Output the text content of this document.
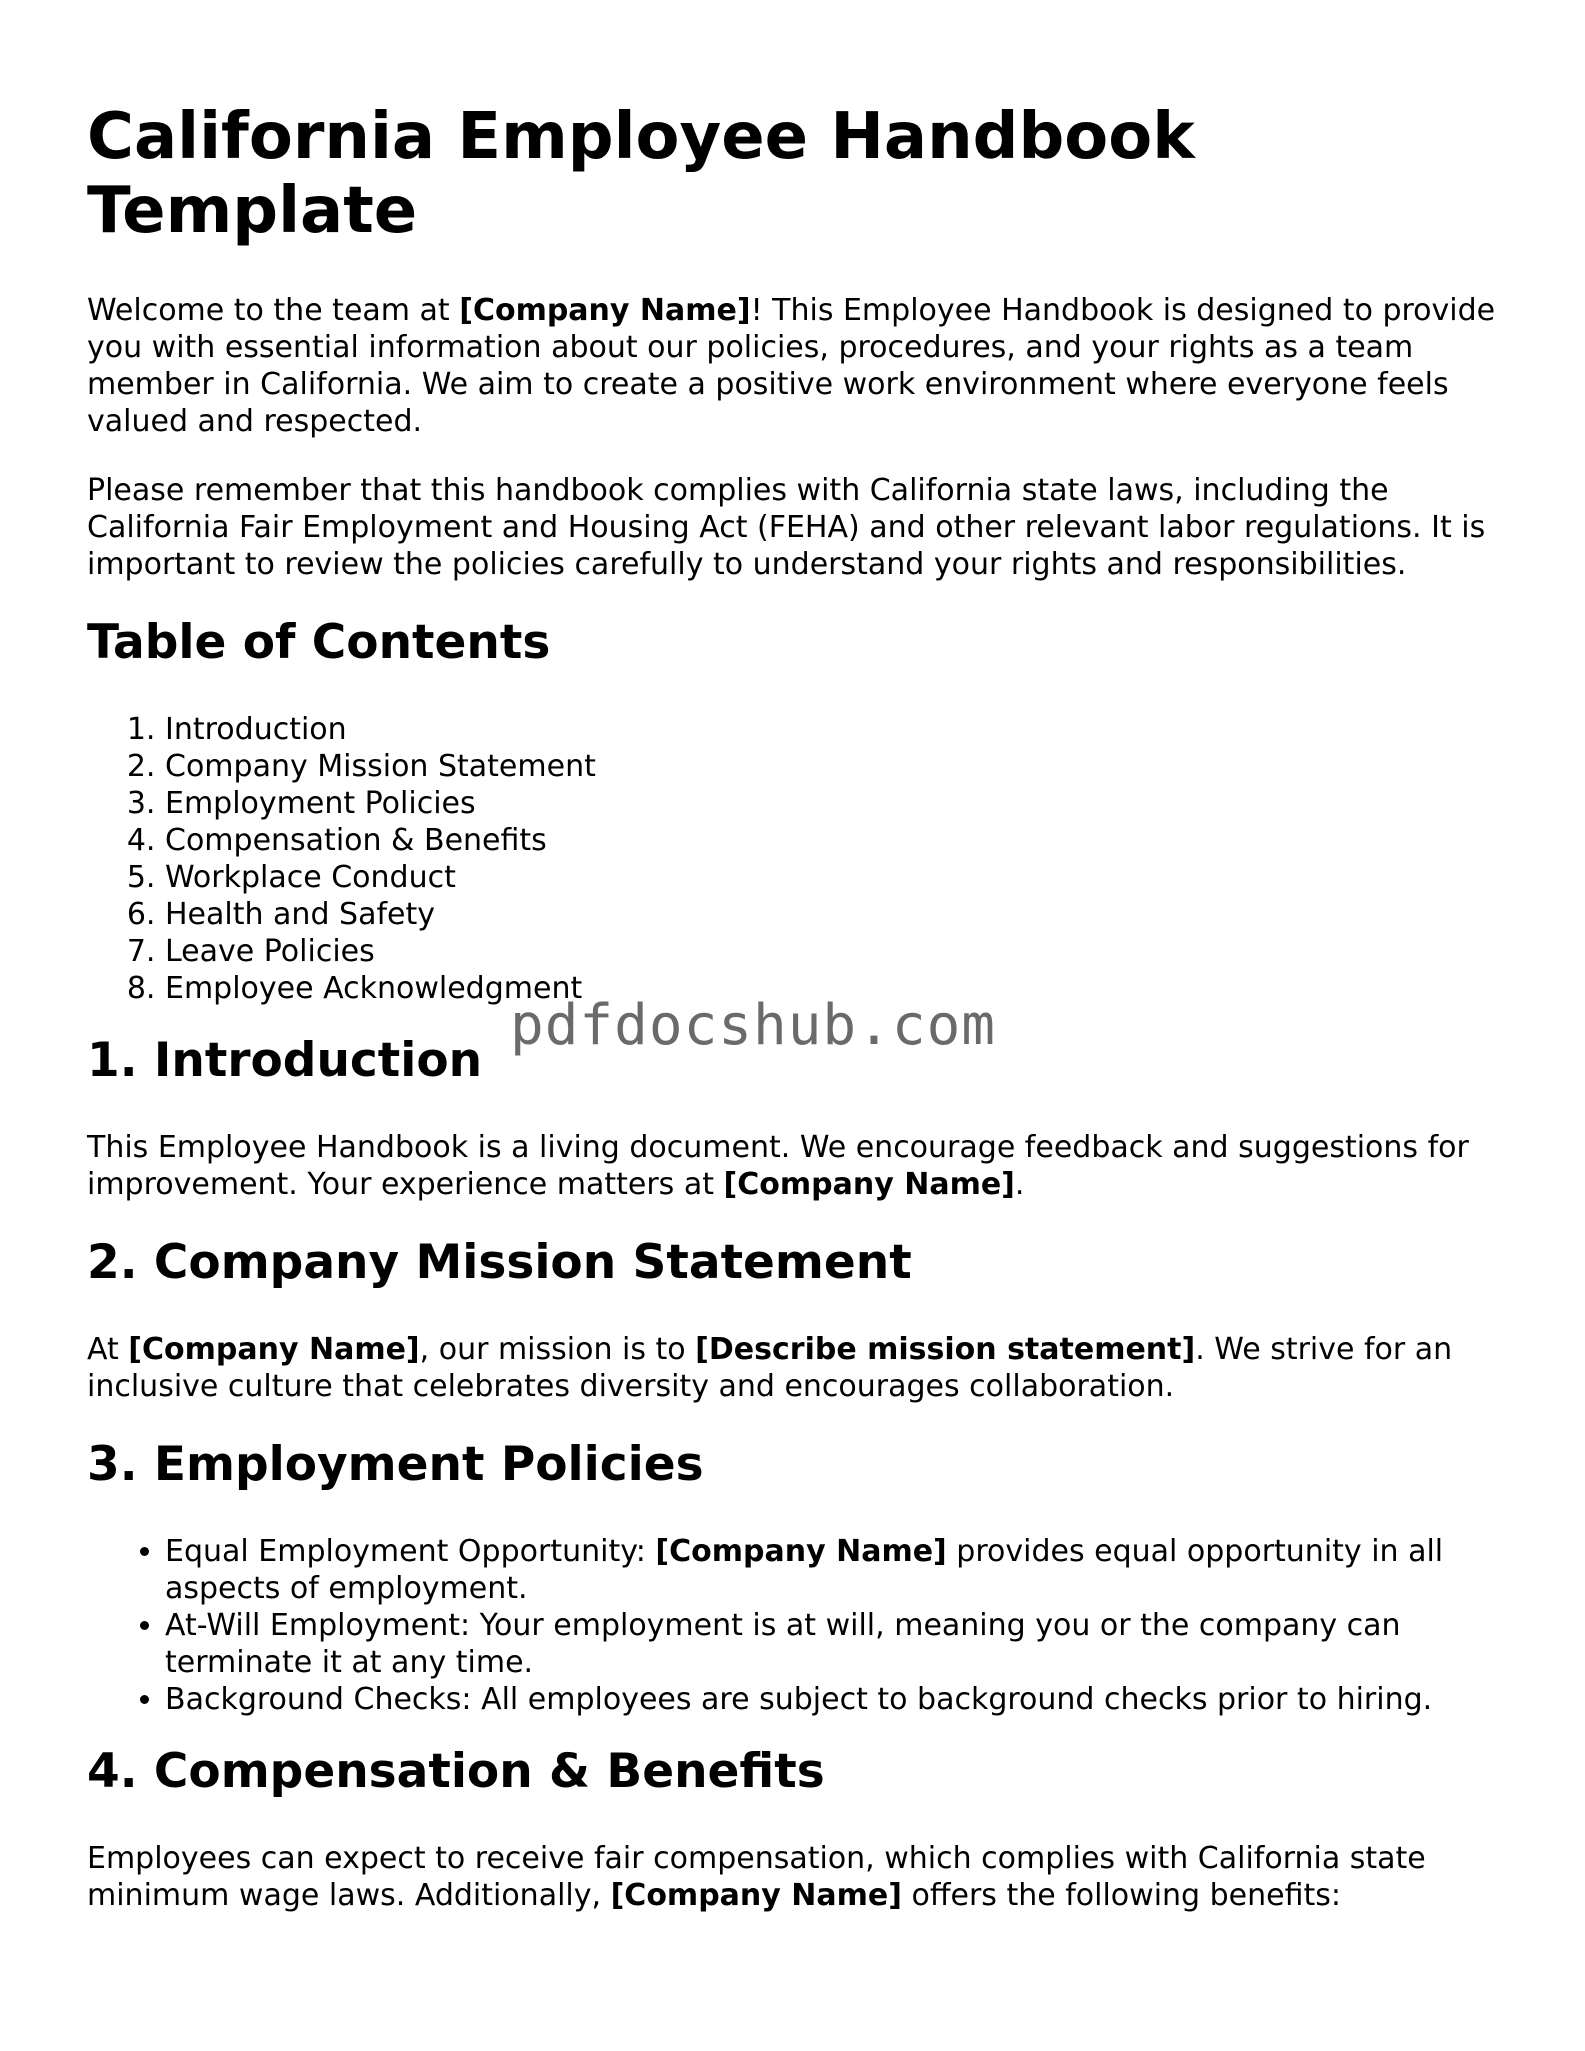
California Employee Handbook Template

Welcome to the team at [Company Name]! This Employee Handbook is designed to provide you with essential information about our policies, procedures, and your rights as a team member in California. We aim to create a positive work environment where everyone feels valued and respected.

Please remember that this handbook complies with California state laws, including the California Fair Employment and Housing Act (FEHA) and other relevant labor regulations. It is important to review the policies carefully to understand your rights and responsibilities.

Table of Contents
1. Introduction
2. Company Mission Statement
3. Employment Policies
4. Compensation & Benefits
5. Workplace Conduct
6. Health and Safety
7. Leave Policies
8. Employee Acknowledgment
1. Introduction

This Employee Handbook is a living document. We encourage feedback and suggestions for improvement. Your experience matters at [Company Name].

2. Company Mission Statement

At [Company Name], our mission is to [Describe mission statement]. We strive for an inclusive culture that celebrates diversity and encourages collaboration.

3. Employment Policies
• Equal Employment Opportunity: [Company Name] provides equal opportunity in all aspects of employment.
• At-Will Employment: Your employment is at will, meaning you or the company can terminate it at any time.
• Background Checks: All employees are subject to background checks prior to hiring.
4. Compensation & Benefits

Employees can expect to receive fair compensation, which complies with California state minimum wage laws. Additionally, [Company Name] offers the following benefits:

pdfdocshub.com
